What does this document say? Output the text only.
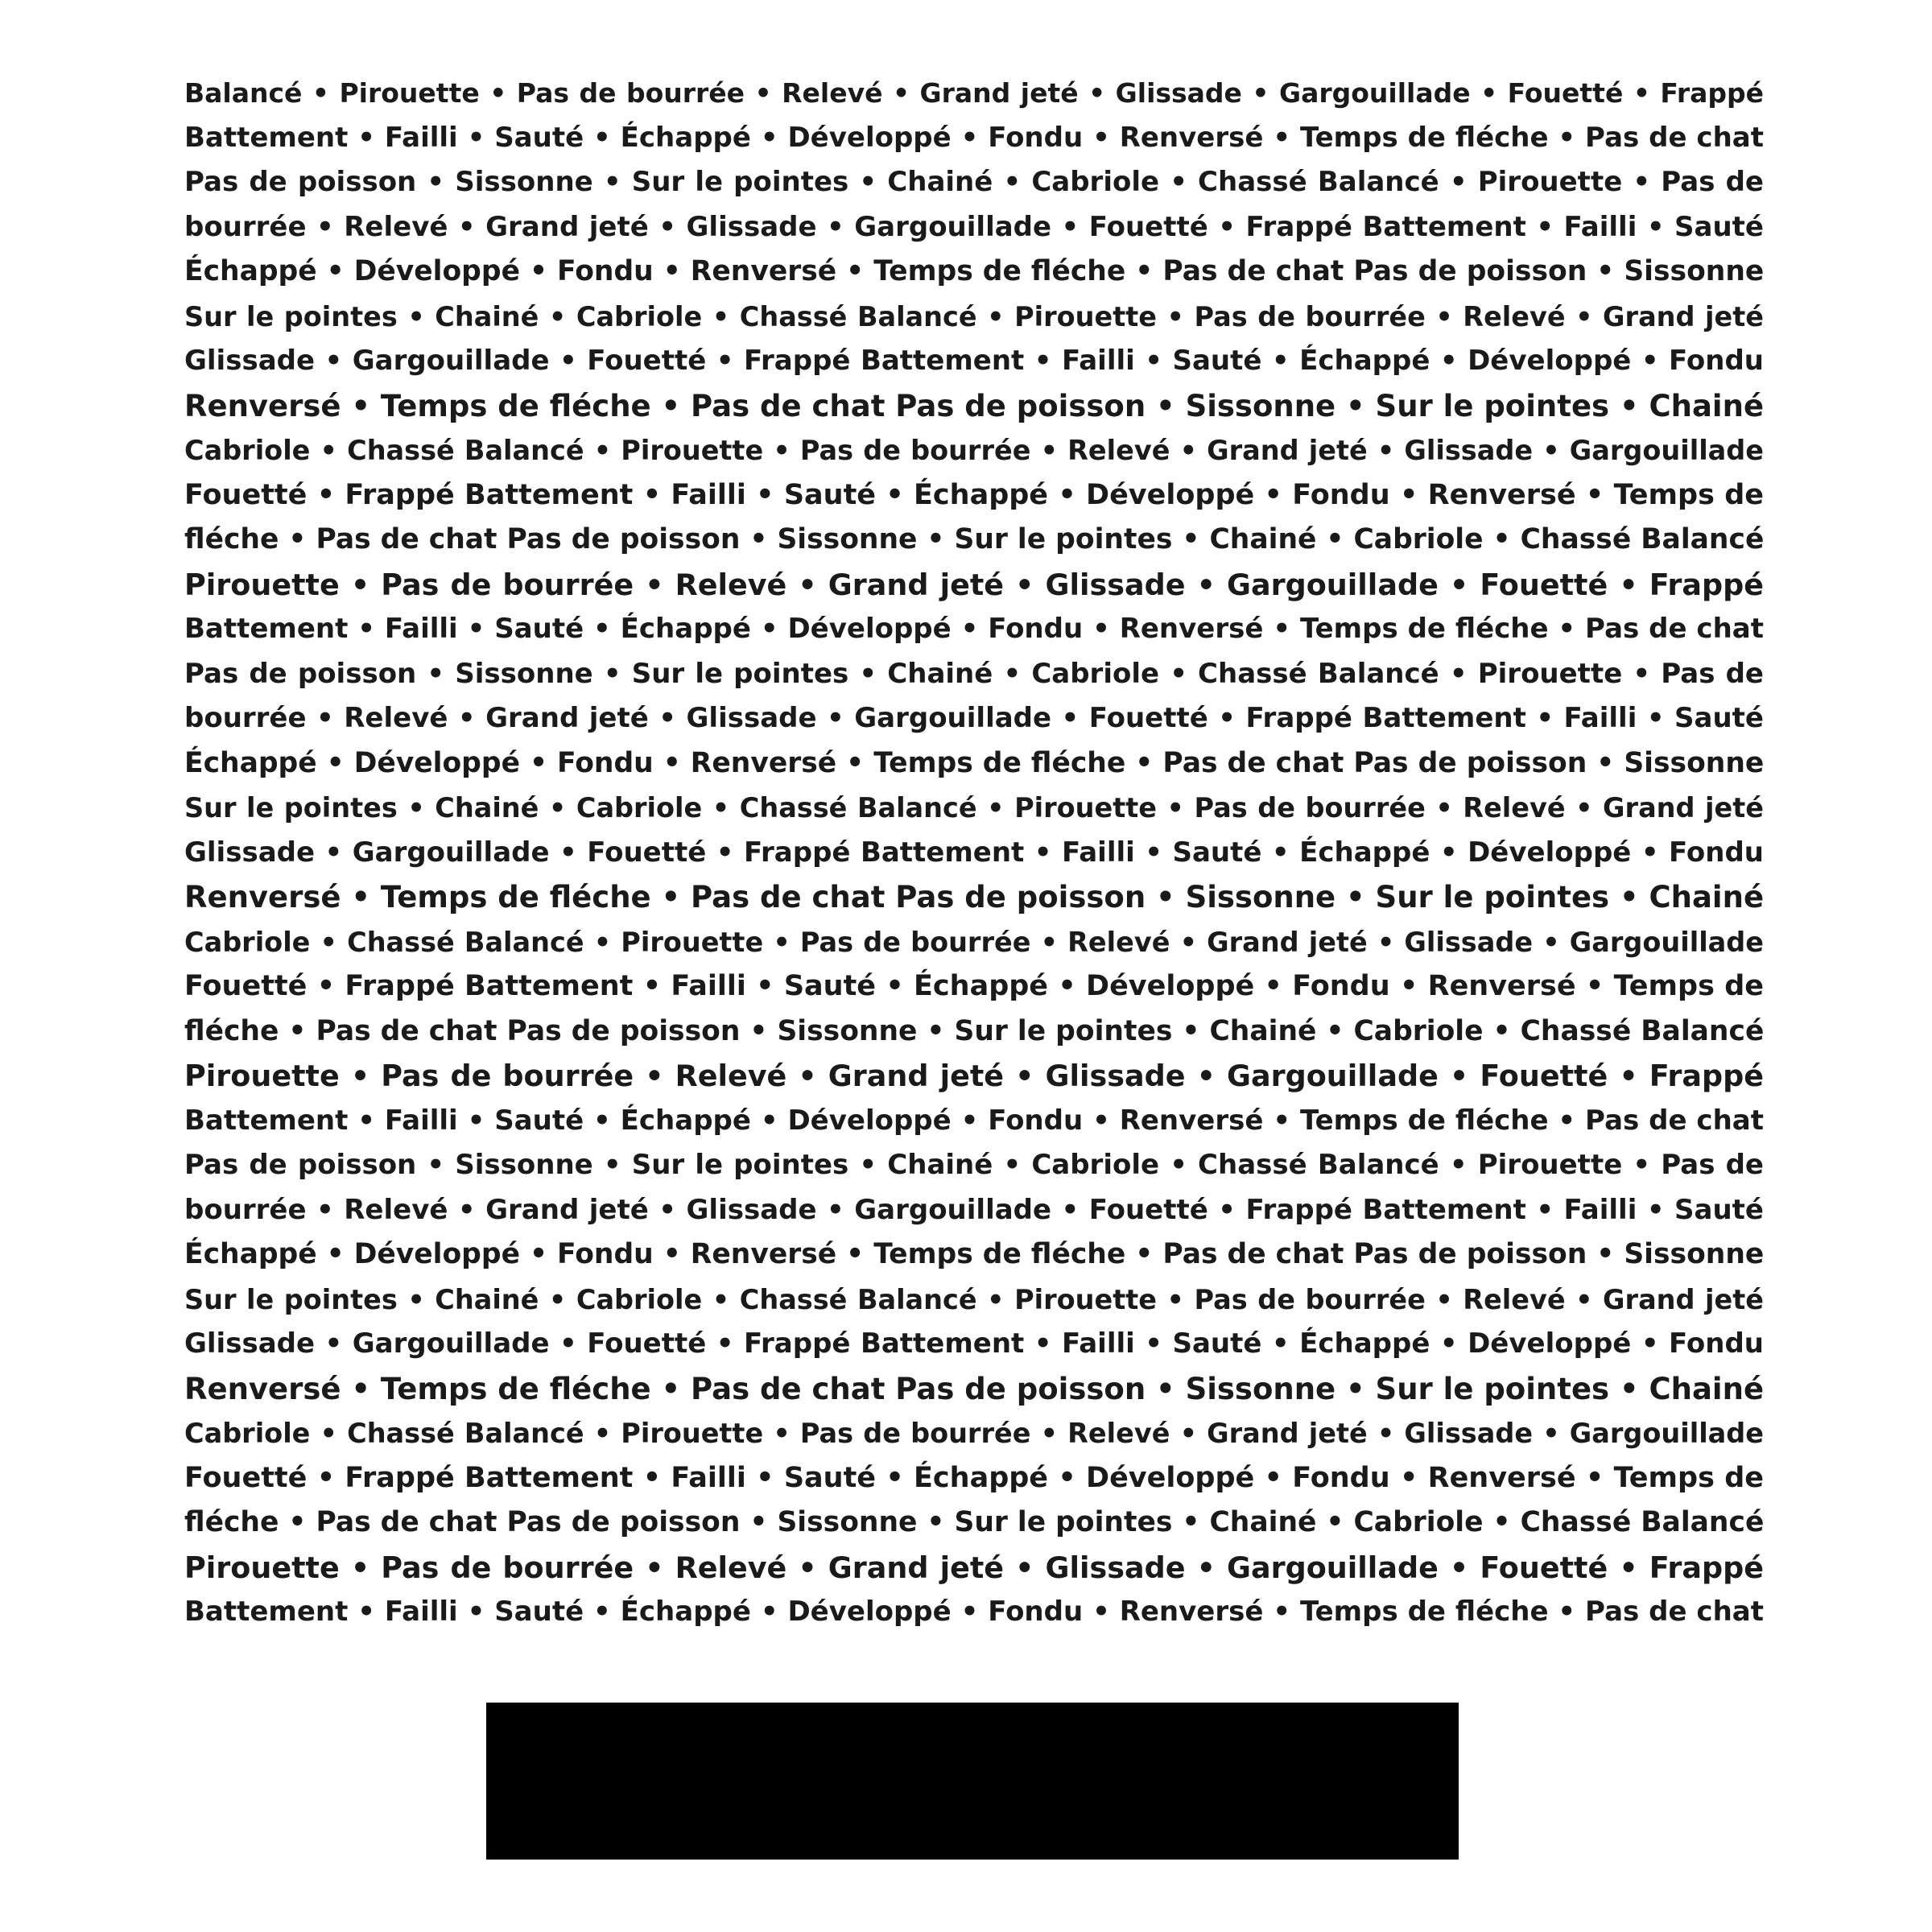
Balancé • Pirouette • Pas de bourrée • Relevé • Grand jeté • Glissade • Gargouillade • Fouetté • Frappé
Battement • Failli • Sauté • Échappé • Développé • Fondu • Renversé • Temps de fléche • Pas de chat
Pas de poisson • Sissonne • Sur le pointes • Chainé • Cabriole • Chassé Balancé • Pirouette • Pas de
bourrée • Relevé • Grand jeté • Glissade • Gargouillade • Fouetté • Frappé Battement • Failli • Sauté
Échappé • Développé • Fondu • Renversé • Temps de fléche • Pas de chat Pas de poisson • Sissonne
Sur le pointes • Chainé • Cabriole • Chassé Balancé • Pirouette • Pas de bourrée • Relevé • Grand jeté
Glissade • Gargouillade • Fouetté • Frappé Battement • Failli • Sauté • Échappé • Développé • Fondu
Renversé • Temps de fléche • Pas de chat Pas de poisson • Sissonne • Sur le pointes • Chainé
Cabriole • Chassé Balancé • Pirouette • Pas de bourrée • Relevé • Grand jeté • Glissade • Gargouillade
Fouetté • Frappé Battement • Failli • Sauté • Échappé • Développé • Fondu • Renversé • Temps de
fléche • Pas de chat Pas de poisson • Sissonne • Sur le pointes • Chainé • Cabriole • Chassé Balancé
Pirouette • Pas de bourrée • Relevé • Grand jeté • Glissade • Gargouillade • Fouetté • Frappé
Battement • Failli • Sauté • Échappé • Développé • Fondu • Renversé • Temps de fléche • Pas de chat
Pas de poisson • Sissonne • Sur le pointes • Chainé • Cabriole • Chassé Balancé • Pirouette • Pas de
bourrée • Relevé • Grand jeté • Glissade • Gargouillade • Fouetté • Frappé Battement • Failli • Sauté
Échappé • Développé • Fondu • Renversé • Temps de fléche • Pas de chat Pas de poisson • Sissonne
Sur le pointes • Chainé • Cabriole • Chassé Balancé • Pirouette • Pas de bourrée • Relevé • Grand jeté
Glissade • Gargouillade • Fouetté • Frappé Battement • Failli • Sauté • Échappé • Développé • Fondu
Renversé • Temps de fléche • Pas de chat Pas de poisson • Sissonne • Sur le pointes • Chainé
Cabriole • Chassé Balancé • Pirouette • Pas de bourrée • Relevé • Grand jeté • Glissade • Gargouillade
Fouetté • Frappé Battement • Failli • Sauté • Échappé • Développé • Fondu • Renversé • Temps de
fléche • Pas de chat Pas de poisson • Sissonne • Sur le pointes • Chainé • Cabriole • Chassé Balancé
Pirouette • Pas de bourrée • Relevé • Grand jeté • Glissade • Gargouillade • Fouetté • Frappé
Battement • Failli • Sauté • Échappé • Développé • Fondu • Renversé • Temps de fléche • Pas de chat
Pas de poisson • Sissonne • Sur le pointes • Chainé • Cabriole • Chassé Balancé • Pirouette • Pas de
bourrée • Relevé • Grand jeté • Glissade • Gargouillade • Fouetté • Frappé Battement • Failli • Sauté
Échappé • Développé • Fondu • Renversé • Temps de fléche • Pas de chat Pas de poisson • Sissonne
Sur le pointes • Chainé • Cabriole • Chassé Balancé • Pirouette • Pas de bourrée • Relevé • Grand jeté
Glissade • Gargouillade • Fouetté • Frappé Battement • Failli • Sauté • Échappé • Développé • Fondu
Renversé • Temps de fléche • Pas de chat Pas de poisson • Sissonne • Sur le pointes • Chainé
Cabriole • Chassé Balancé • Pirouette • Pas de bourrée • Relevé • Grand jeté • Glissade • Gargouillade
Fouetté • Frappé Battement • Failli • Sauté • Échappé • Développé • Fondu • Renversé • Temps de
fléche • Pas de chat Pas de poisson • Sissonne • Sur le pointes • Chainé • Cabriole • Chassé Balancé
Pirouette • Pas de bourrée • Relevé • Grand jeté • Glissade • Gargouillade • Fouetté • Frappé
Battement • Failli • Sauté • Échappé • Développé • Fondu • Renversé • Temps de fléche • Pas de chat
